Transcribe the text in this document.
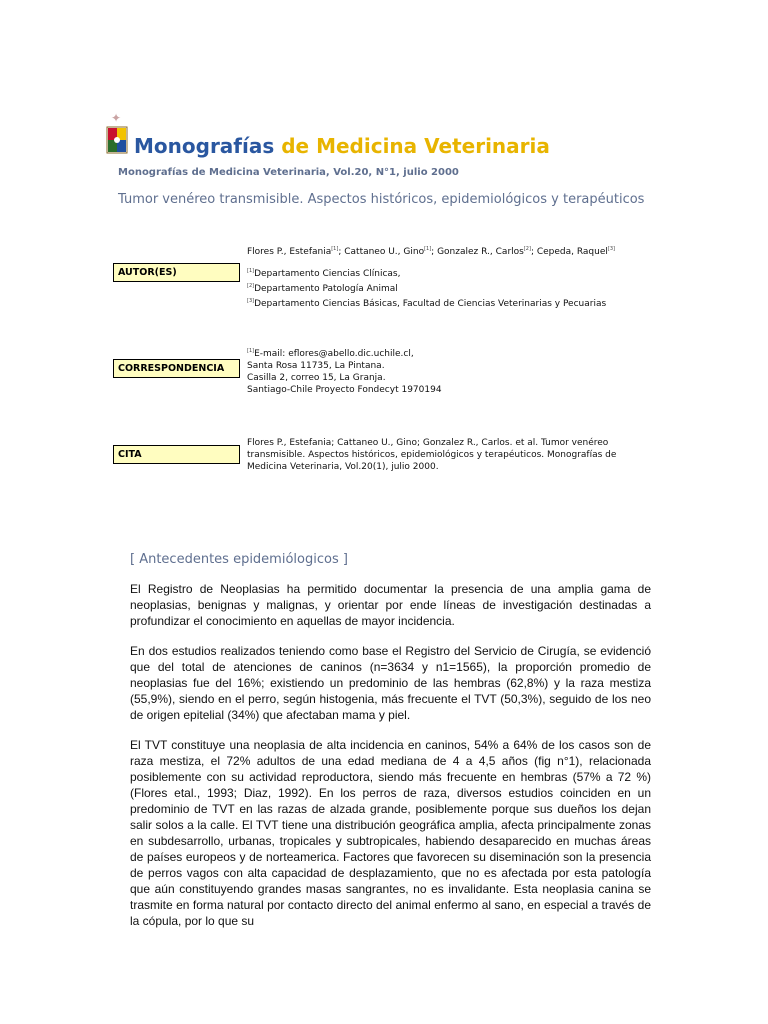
✦
Monografías de Medicina Veterinaria
Monografías de Medicina Veterinaria, Vol.20, N°1, julio 2000
Tumor venéreo transmisible. Aspectos históricos, epidemiológicos y terapéuticos
Flores P., Estefania[1]; Cattaneo U., Gino[1]; Gonzalez R., Carlos[2]; Cepeda, Raquel[3]
AUTOR(ES)	[1]Departamento Ciencias Clínicas,
[2]Departamento Patología Animal
[3]Departamento Ciencias Básicas, Facultad de Ciencias Veterinarias y Pecuarias
[1]E-mail: eflores@abello.dic.uchile.cl,
Santa Rosa 11735, La Pintana.
Casilla 2, correo 15, La Granja.
Santiago-Chile Proyecto Fondecyt 1970194
CORRESPONDENCIA
CITA
Flores P., Estefania; Cattaneo U., Gino; Gonzalez R., Carlos. et al. Tumor venéreo transmisible. Aspectos históricos, epidemiológicos y terapéuticos. Monografías de Medicina Veterinaria, Vol.20(1), julio 2000.
[ Antecedentes epidemiólogicos ]
El Registro de Neoplasias ha permitido documentar la presencia de una amplia gama de neoplasias, benignas y malignas, y orientar por ende líneas de investigación destinadas a profundizar el conocimiento en aquellas de mayor incidencia.
En dos estudios realizados teniendo como base el Registro del Servicio de Cirugía, se evidenció que del total de atenciones de caninos (n=3634 y n1=1565), la proporción promedio de neoplasias fue del 16%; existiendo un predominio de las hembras (62,8%) y la raza mestiza (55,9%), siendo en el perro, según histogenia, más frecuente el TVT (50,3%), seguido de los neo de origen epitelial (34%) que afectaban mama y piel.
El TVT constituye una neoplasia de alta incidencia en caninos, 54% a 64% de los casos son de raza mestiza, el 72% adultos de una edad mediana de 4 a 4,5 años (fig n°1), relacionada posiblemente con su actividad reproductora, siendo más frecuente en hembras (57% a 72 %) (Flores etal., 1993; Diaz, 1992). En los perros de raza, diversos estudios coinciden en un predominio de TVT en las razas de alzada grande, posiblemente porque sus dueños los dejan salir solos a la calle. El TVT tiene una distribución geográfica amplia, afecta principalmente zonas en subdesarrollo, urbanas, tropicales y subtropicales, habiendo desaparecido en muchas áreas de países europeos y de norteamerica. Factores que favorecen su diseminación son la presencia de perros vagos con alta capacidad de desplazamiento, que no es afectada por esta patología que aún constituyendo grandes masas sangrantes, no es invalidante. Esta neoplasia canina se trasmite en forma natural por contacto directo del animal enfermo al sano, en especial a través de la cópula, por lo que su
